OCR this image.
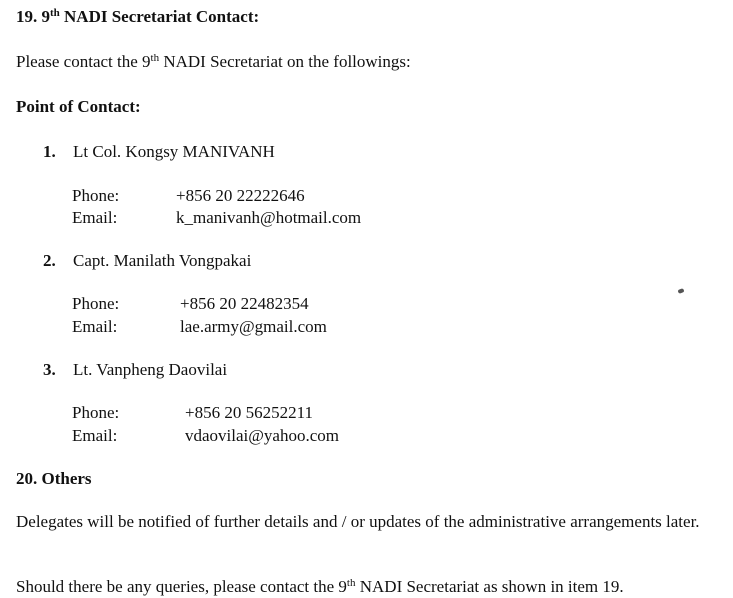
19. 9th NADI Secretariat Contact:
Please contact the 9th NADI Secretariat on the followings:
Point of Contact:
1. Lt Col. Kongsy MANIVANH
Phone:	+856 20 22222646
Email:	k_manivanh@hotmail.com
2. Capt. Manilath Vongpakai
Phone:	+856 20 22482354
Email:	lae.army@gmail.com
3. Lt. Vanpheng Daovilai
Phone:	+856 20 56252211
Email:	vdaovilai@yahoo.com
20. Others
Delegates will be notified of further details and / or updates of the administrative arrangements later.
Should there be any queries, please contact the 9th NADI Secretariat as shown in item 19.
